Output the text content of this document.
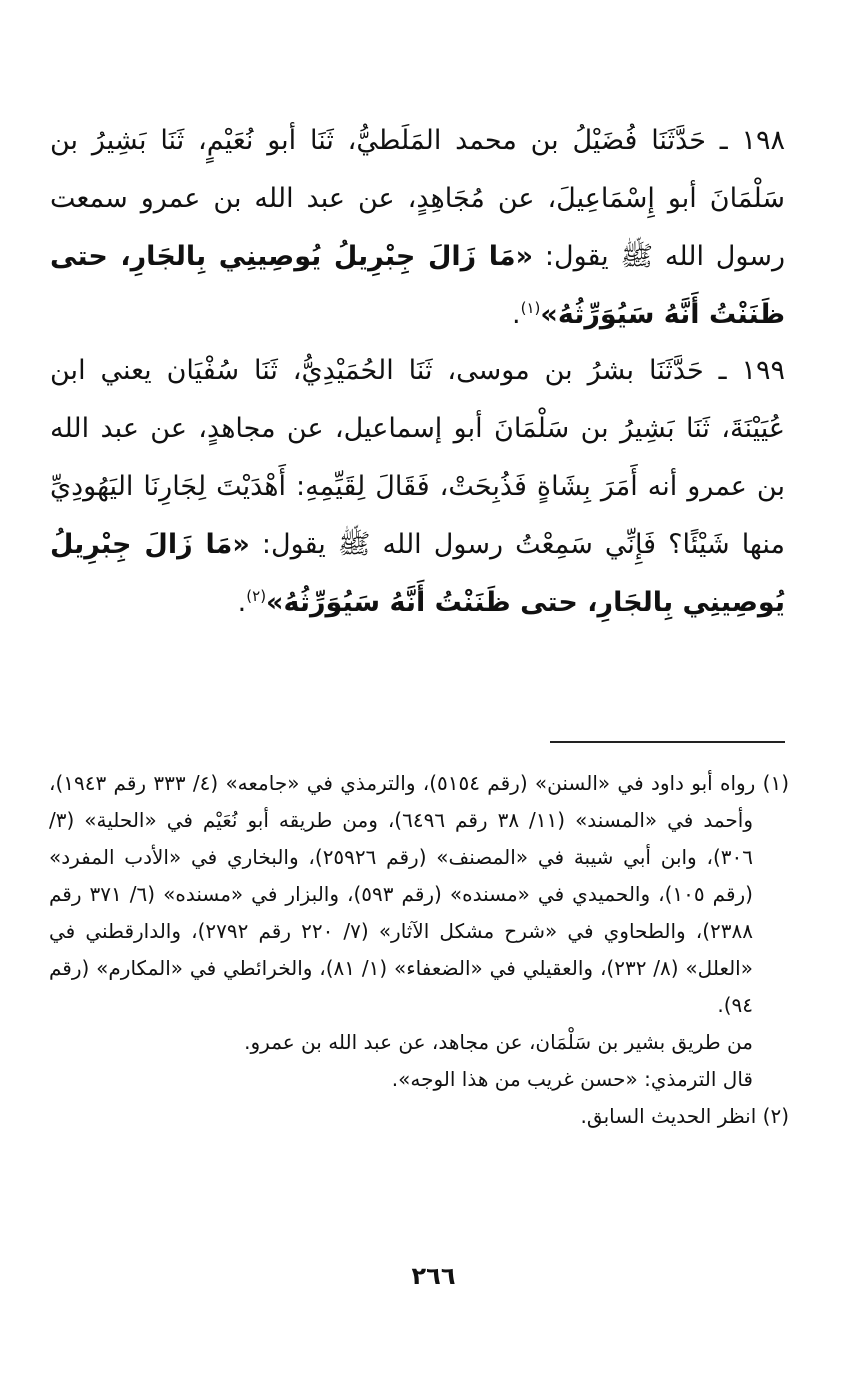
١٩٨ ـ حَدَّثَنَا فُضَيْلُ بن محمد المَلَطيُّ، ثَنَا أبو نُعَيْمٍ، ثَنَا بَشِيرُ بن سَلْمَانَ أبو إِسْمَاعِيلَ، عن مُجَاهِدٍ، عن عبد الله بن عمرو سمعت رسول الله ﷺ يقول: «مَا زَالَ جِبْرِيلُ يُوصِينِي بِالجَارِ، حتى ظَنَنْتُ أَنَّهُ سَيُوَرِّثُهُ»$^{(١)}$.

١٩٩ ـ حَدَّثَنَا بشرُ بن موسى، ثَنَا الحُمَيْدِيُّ، ثَنَا سُفْيَان يعني ابن عُيَيْنَةَ، ثَنَا بَشِيرُ بن سَلْمَانَ أبو إسماعيل، عن مجاهدٍ، عن عبد الله بن عمرو أنه أَمَرَ بِشَاةٍ فَذُبِحَتْ، فَقَالَ لِقَيِّمِهِ: أَهْدَيْتَ لِجَارِنَا اليَهُودِيِّ منها شَيْئًا؟ فَإِنِّي سَمِعْتُ رسول الله ﷺ يقول: «مَا زَالَ جِبْرِيلُ يُوصِينِي بِالجَارِ، حتى ظَنَنْتُ أَنَّهُ سَيُوَرِّثُهُ»$^{(٢)}$.

(١) رواه أبو داود في «السنن» (رقم ٥١٥٤)، والترمذي في «جامعه» (٤/ ٣٣٣ رقم ١٩٤٣)، وأحمد في «المسند» (١١/ ٣٨ رقم ٦٤٩٦)، ومن طريقه أبو نُعَيْم في «الحلية» (٣/ ٣٠٦)، وابن أبي شيبة في «المصنف» (رقم ٢٥٩٢٦)، والبخاري في «الأدب المفرد» (رقم ١٠٥)، والحميدي في «مسنده» (رقم ٥٩٣)، والبزار في «مسنده» (٦/ ٣٧١ رقم ٢٣٨٨)، والطحاوي في «شرح مشكل الآثار» (٧/ ٢٢٠ رقم ٢٧٩٢)، والدارقطني في «العلل» (٨/ ٢٣٢)، والعقيلي في «الضعفاء» (١/ ٨١)، والخرائطي في «المكارم» (رقم ٩٤).

من طريق بشير بن سَلْمَان، عن مجاهد، عن عبد الله بن عمرو.

قال الترمذي: «حسن غريب من هذا الوجه».

(٢) انظر الحديث السابق.

٢٦٦
